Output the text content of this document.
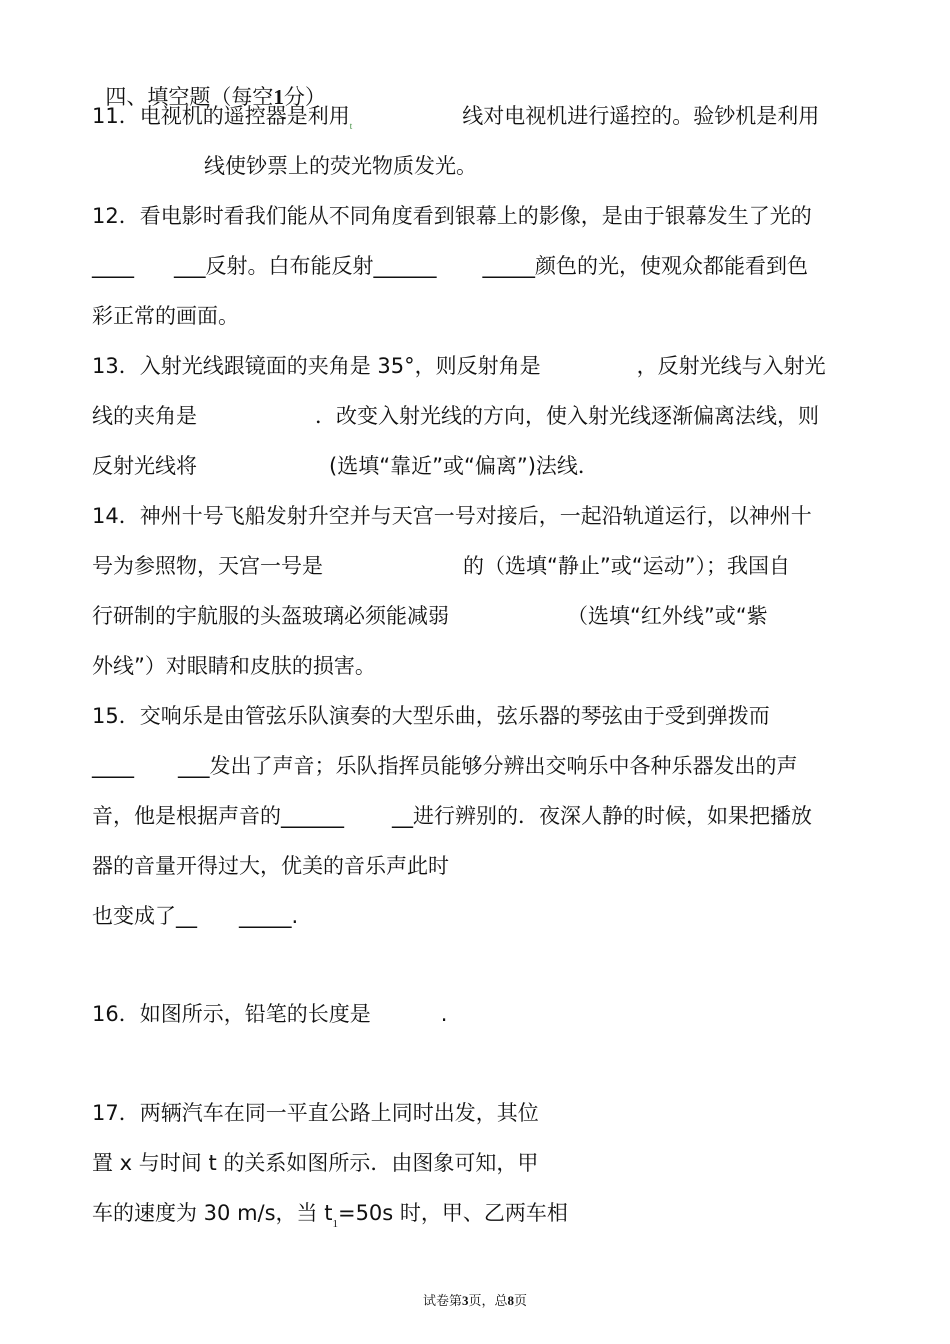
四、填空题（每空1分）

11．电视机的遥控器是利用$_t$	线对电视机进行遥控的。验钞机是利用
线使钞票上的荧光物质发光。
12．看电影时看我们能从不同角度看到银幕上的影像，是由于银幕发生了光的
____ ___反射。白布能反射______ _____颜色的光，使观众都能看到色
彩正常的画面。
13．入射光线跟镜面的夹角是 35°，则反射角是	，反射光线与入射光
线的夹角是	．改变入射光线的方向，使入射光线逐渐偏离法线，则
反射光线将	(选填“靠近”或“偏离”)法线．
14．神州十号飞船发射升空并与天宫一号对接后，一起沿轨道运行，以神州十
号为参照物，天宫一号是	的（选填“静止”或“运动”）；我国自
行研制的宇航服的头盔玻璃必须能减弱	（选填“红外线”或“紫
外线”）对眼睛和皮肤的损害。
15．交响乐是由管弦乐队演奏的大型乐曲，弦乐器的琴弦由于受到弹拨而
____ ___发出了声音；乐队指挥员能够分辨出交响乐中各种乐器发出的声
音，他是根据声音的______ __进行辨别的．夜深人静的时候，如果把播放
器的音量开得过大，优美的音乐声此时
也变成了__ _____.
16．如图所示，铅笔的长度是	.
17．两辆汽车在同一平直公路上同时出发，其位
置 x 与时间 t 的关系如图所示．由图象可知，甲
车的速度为 30 m/s，当 $t_1=50s$ 时，甲、乙两车相
试卷第3页，总8页
